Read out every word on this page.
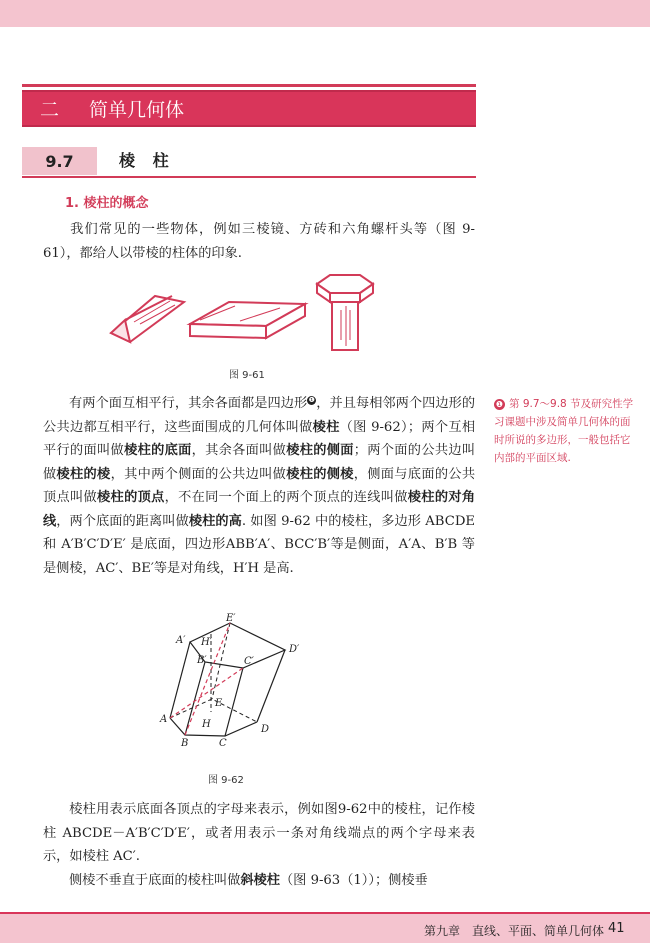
二 简单几何体
9.7	棱 柱
1. 棱柱的概念

我们常见的一些物体，例如三棱镜、方砖和六角螺杆头等（图 9-61），都给人以带棱的柱体的印象.

图 9-61

有两个面互相平行，其余各面都是四边形❶，并且每相邻两个四边形的公共边都互相平行，这些面围成的几何体叫做棱柱（图 9-62）；两个互相平行的面叫做棱柱的底面，其余各面叫做棱柱的侧面；两个面的公共边叫做棱柱的棱，其中两个侧面的公共边叫做棱柱的侧棱，侧面与底面的公共顶点叫做棱柱的顶点，不在同一个面上的两个顶点的连线叫做棱柱的对角线，两个底面的距离叫做棱柱的高. 如图 9-62 中的棱柱，多边形 ABCDE 和 A′B′C′D′E′ 是底面，四边形ABB′A′、BCC′B′等是侧面，A′A、B′B 等是侧棱，AC′、BE′等是对角线，H′H 是高.

❶ 第 9.7～9.8 节及研究性学习课题中涉及简单几何体的面时所说的多边形，一般包括它内部的平面区域.
A′
E′
D′
B′	C′
H′
A
B	C
D
E
H
图 9-62

棱柱用表示底面各顶点的字母来表示，例如图9-62中的棱柱，记作棱柱 ABCDE－A′B′C′D′E′，或者用表示一条对角线端点的两个字母来表示，如棱柱 AC′.

侧棱不垂直于底面的棱柱叫做斜棱柱（图 9-63（1））；侧棱垂

第九章　直线、平面、简单几何体 41
